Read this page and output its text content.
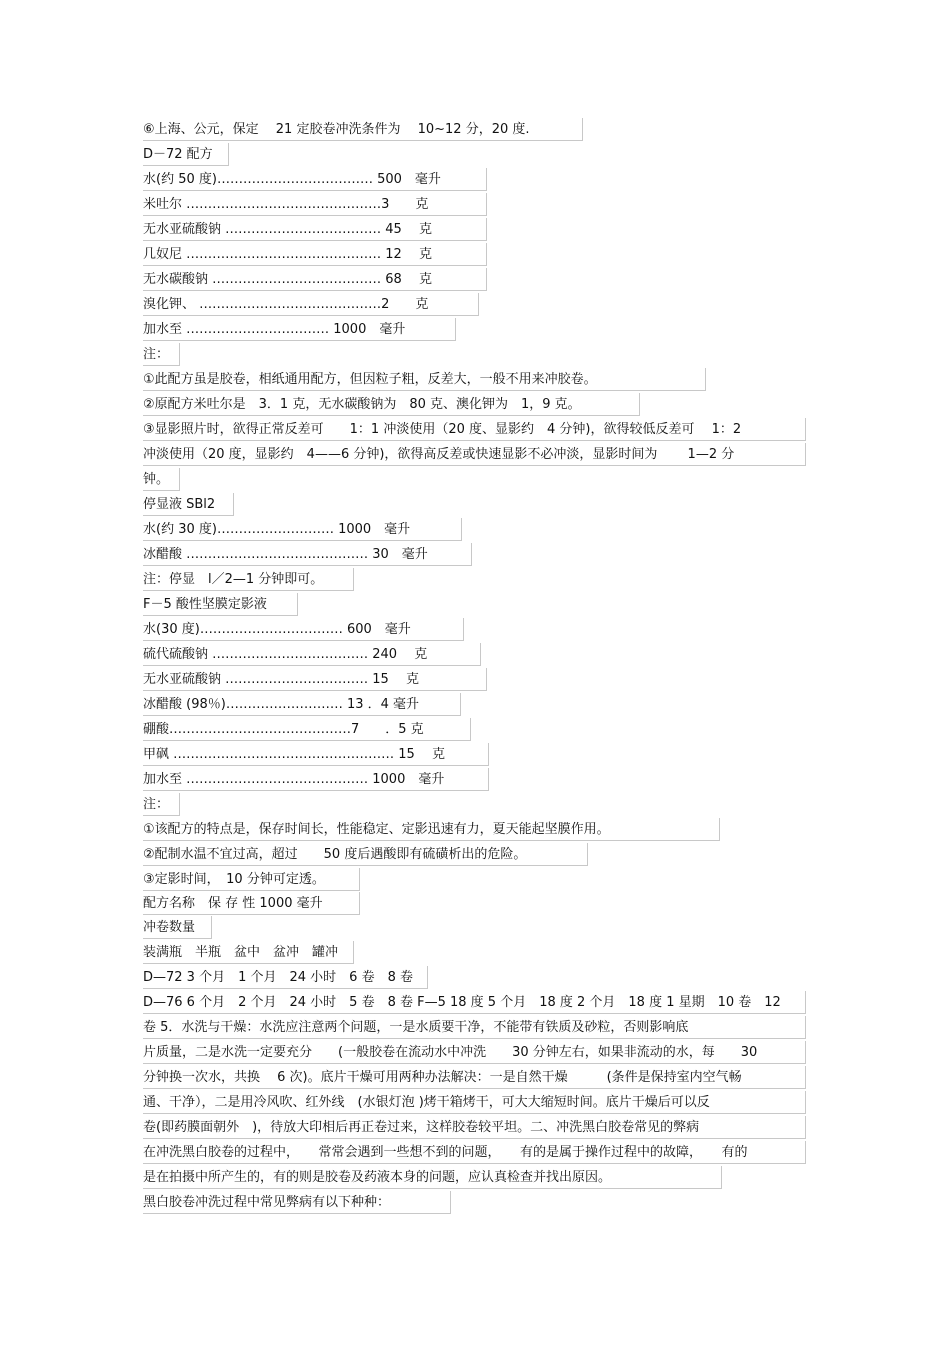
⑥上海、公元，保定　 21 定胶卷冲洗条件为　 10~12 分，20 度.
D－72 配方
水(约 50 度)……………………………… 500　毫升
米吐尔 ………………………………………3　　克
无水亚硫酸钠 ……………………………… 45　 克
几奴尼 ……………………………………… 12　 克
无水碳酸钠 ………………………………… 68　 克
溴化钾、 ……………………………………2　　克
加水至 …………………………… 1000　毫升
注：
①此配方虽是胶卷，相纸通用配方，但因粒子粗，反差大，一般不用来冲胶卷。
②原配方米吐尔是　3．1 克，无水碳酸钠为　80 克、澳化钾为　1，9 克。
③显影照片时，欲得正常反差可　　1：1 冲淡使用（20 度、显影约　4 分钟)，欲得较低反差可　 1：2
冲淡使用（20 度，显影约　4——6 分钟)，欲得高反差或快速显影不必冲淡，显影时间为　　 1—2 分
钟。
停显液 SBl2
水(约 30 度)……………………… 1000　毫升
冰醋酸 …………………………………… 30　毫升
注：停显　l／2—1 分钟即可。
F－5 酸性坚膜定影液
水(30 度)…………………………… 600　毫升
硫代硫酸钠 ……………………………… 240　 克
无水亚硫酸钠 …………………………… 15　 克
冰醋酸 (98％)……………………… 13 ．4 毫升
硼酸……………………………………7　　．5 克
甲砜 …………………………………………… 15　 克
加水至 …………………………………… 1000　毫升
注：
①该配方的特点是，保存时间长，性能稳定、定影迅速有力，夏天能起坚膜作用。
②配制水温不宜过高，超过　　50 度后遇酸即有硫磺析出的危险。
③定影时间，　10 分钟可定透。
配方名称　保 存 性 1000 毫升
冲卷数量
装满瓶　半瓶　盆中　盆冲　罐冲
D—72 3 个月　1 个月　24 小时　6 卷　8 卷
D—76 6 个月　2 个月　24 小时　5 卷　8 卷 F—5 18 度 5 个月　18 度 2 个月　18 度 1 星期　10 卷　12
卷 5．水洗与干燥：水洗应注意两个问题，一是水质要干净，不能带有铁质及砂粒，否则影响底
片质量，二是水洗一定要充分　　(一般胶卷在流动水中冲洗　　30 分钟左右，如果非流动的水，每　　30
分钟换一次水，共换　 6 次)。底片干燥可用两种办法解决：一是自然干燥　　　(条件是保持室内空气畅
通、干净），二是用冷风吹、红外线　(水银灯泡 )烤干箱烤干，可大大缩短时间。底片干燥后可以反
卷(即药膜面朝外　)，待放大印相后再正卷过来，这样胶卷较平坦。二、冲洗黑白胶卷常见的弊病
在冲洗黑白胶卷的过程中，　　常常会遇到一些想不到的问题，　　有的是属于操作过程中的故障，　　有的
是在拍摄中所产生的，有的则是胶卷及药液本身的问题，应认真检查并找出原因。
黑白胶卷冲洗过程中常见弊病有以下种种：
